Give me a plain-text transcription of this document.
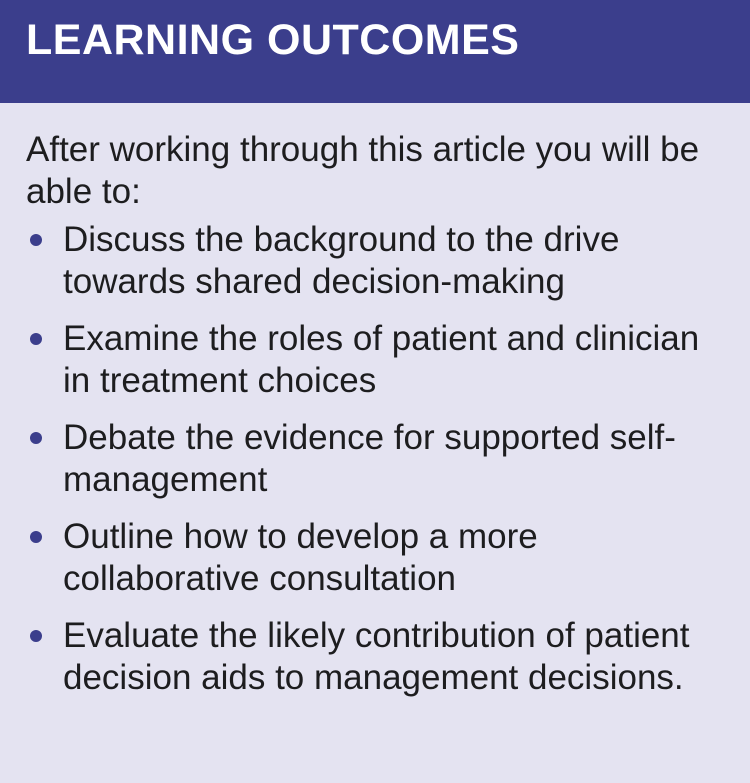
LEARNING OUTCOMES

After working through this article you will be able to:

Discuss the background to the drive towards shared decision-making
Examine the roles of patient and clinician in treatment choices
Debate the evidence for supported self-management
Outline how to develop a more collaborative consultation
Evaluate the likely contribution of patient decision aids to management decisions.
